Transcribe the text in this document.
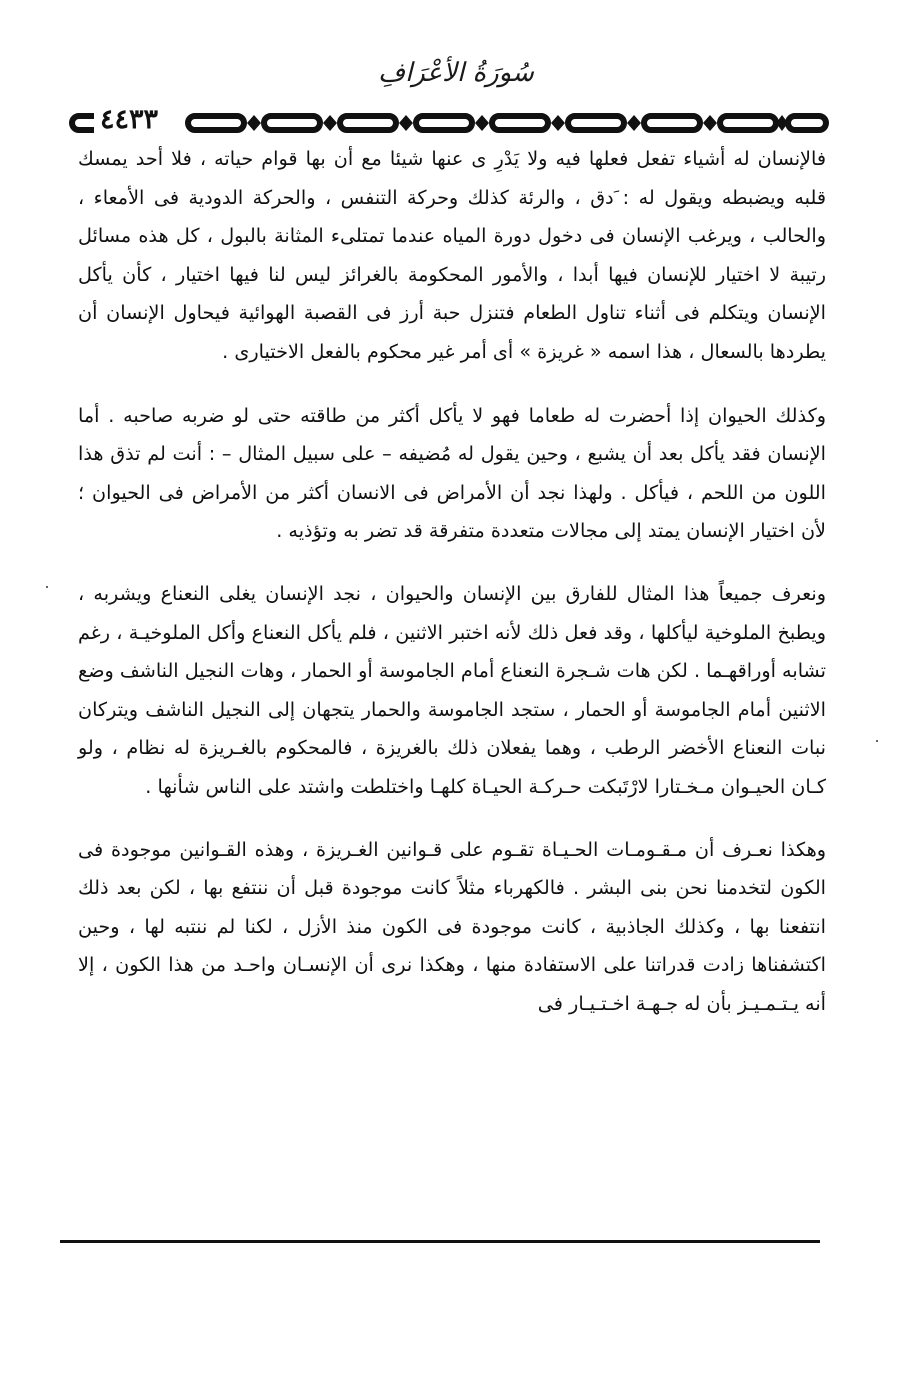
سُورَةُ الأعْرَافِ
٤٤٣٣

فالإنسان له أشياء تفعل فعلها فيه ولا يَدْرِ ى عنها شيئا مع أن بها قوام حياته ، فلا أحد يمسك قلبه ويضبطه ويقول له : َدق ، والرئة كذلك وحركة التنفس ، والحركة الدودية فى الأمعاء ، والحالب ، ويرغب الإنسان فى دخول دورة المياه عندما تمتلىء المثانة بالبول ، كل هذه مسائل رتيبة لا اختيار للإنسان فيها أبدا ، والأمور المحكومة بالغرائز ليس لنا فيها اختيار ، كأن يأكل الإنسان ويتكلم فى أثناء تناول الطعام فتنزل حبة أرز فى القصبة الهوائية فيحاول الإنسان أن يطردها بالسعال ، هذا اسمه « غريزة » أى أمر غير محكوم بالفعل الاختيارى .

وكذلك الحيوان إذا أحضرت له طعاما فهو لا يأكل أكثر من طاقته حتى لو ضربه صاحبه . أما الإنسان فقد يأكل بعد أن يشبع ، وحين يقول له مُضيفه – على سبيل المثال – : أنت لم تذق هذا اللون من اللحم ، فيأكل . ولهذا نجد أن الأمراض فى الانسان أكثر من الأمراض فى الحيوان ؛ لأن اختيار الإنسان يمتد إلى مجالات متعددة متفرقة قد تضر به وتؤذيه .

ونعرف جميعاً هذا المثال للفارق بين الإنسان والحيوان ، نجد الإنسان يغلى النعناع ويشربه ، ويطبخ الملوخية ليأكلها ، وقد فعل ذلك لأنه اختبر الاثنين ، فلم يأكل النعناع وأكل الملوخيـة ، رغم تشابه أوراقهـما . لكن هات شـجرة النعناع أمام الجاموسة أو الحمار ، وهات النجيل الناشف وضع الاثنين أمام الجاموسة أو الحمار ، ستجد الجاموسة والحمار يتجهان إلى النجيل الناشف ويتركان نبات النعناع الأخضر الرطب ، وهما يفعلان ذلك بالغريزة ، فالمحكوم بالغـريزة له نظام ، ولو كـان الحيـوان مـخـتارا لارْتَبكت حـركـة الحيـاة كلهـا واختلطت واشتد على الناس شأنها .

وهكذا نعـرف أن مـقـومـات الحـيـاة تقـوم على قـوانين الغـريزة ، وهذه القـوانين موجودة فى الكون لتخدمنا نحن بنى البشر . فالكهرباء مثلاً كانت موجودة قبل أن ننتفع بها ، لكن بعد ذلك انتفعنا بها ، وكذلك الجاذبية ، كانت موجودة فى الكون منذ الأزل ، لكنا لم ننتبه لها ، وحين اكتشفناها زادت قدراتنا على الاستفادة منها ، وهكذا نرى أن الإنسـان واحـد من هذا الكون ، إلا أنه يـتـمـيـز بأن له جـهـة اخـتـيـار فى
